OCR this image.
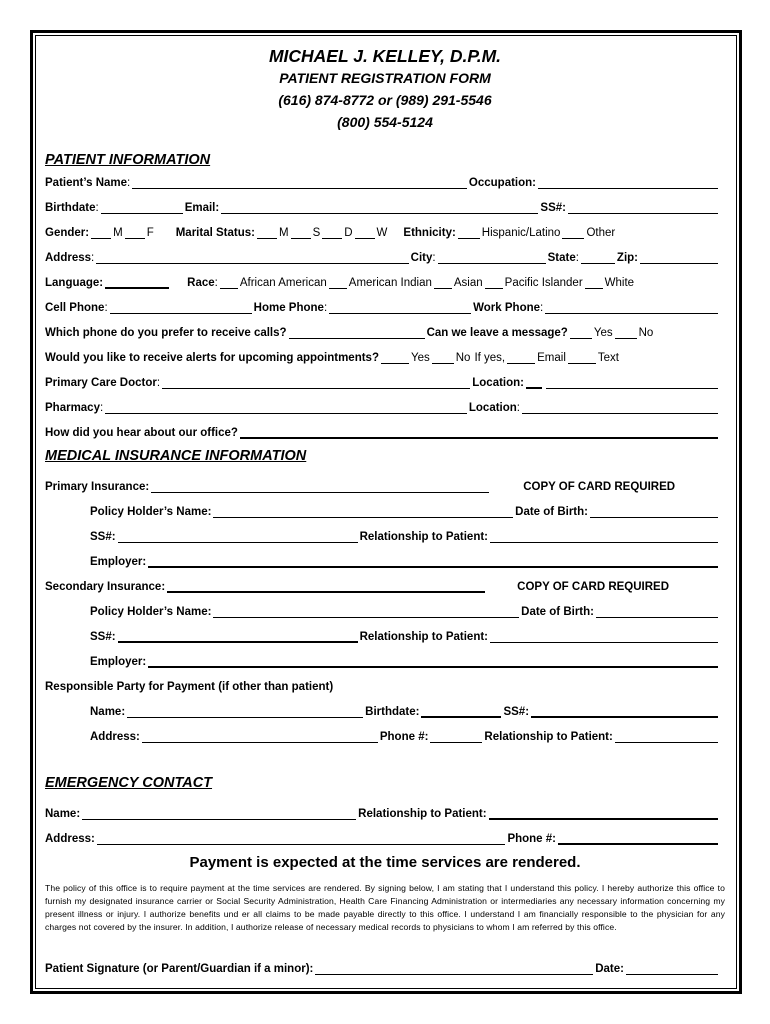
MICHAEL J. KELLEY, D.P.M.
PATIENT REGISTRATION FORM
(616) 874-8772 or (989) 291-5546
(800) 554-5124
PATIENT INFORMATION
Patient’s Name :	Occupation:
Birthdate :	Email:	SS#:
Gender: M F Marital Status: M S D W Ethnicity: Hispanic/Latino Other
Address :	City :	State :	Zip:
Language:	Race : African American American Indian Asian Pacific Islander White
Cell Phone :	Home Phone :	Work Phone :
Which phone do you prefer to receive calls?	Can we leave a message? Yes No
Would you like to receive alerts for upcoming appointments?	Yes No If yes,	Email	Text
Primary Care Doctor :	Location:
Pharmacy :	Location :
How did you hear about our office?
MEDICAL INSURANCE INFORMATION
Primary Insurance:	COPY OF CARD REQUIRED
Policy Holder’s Name:	Date of Birth:
SS#:	Relationship to Patient:
Employer:
Secondary Insurance:	COPY OF CARD REQUIRED
Policy Holder’s Name:	Date of Birth:
SS#:	Relationship to Patient:
Employer:
Responsible Party for Payment (if other than patient)
Name:	Birthdate:	SS#:
Address:	Phone #:	Relationship to Patient:
EMERGENCY CONTACT
Name:	Relationship to Patient:
Address:	Phone #:
Payment is expected at the time services are rendered.
The policy of this office is to require payment at the time services are rendered. By signing below, I am stating that I understand this policy. I hereby authorize this office to furnish my designated insurance carrier or Social Security Administration, Health Care Financing Administration or intermediaries any necessary information concerning my present illness or injury. I authorize benefits und er all claims to be made payable directly to this office. I understand I am financially responsible to the physician for any charges not covered by the insurer. In addition, I authorize release of necessary medical records to physicians to whom I am referred by this office.
Patient Signature (or Parent/Guardian if a minor):	Date:
